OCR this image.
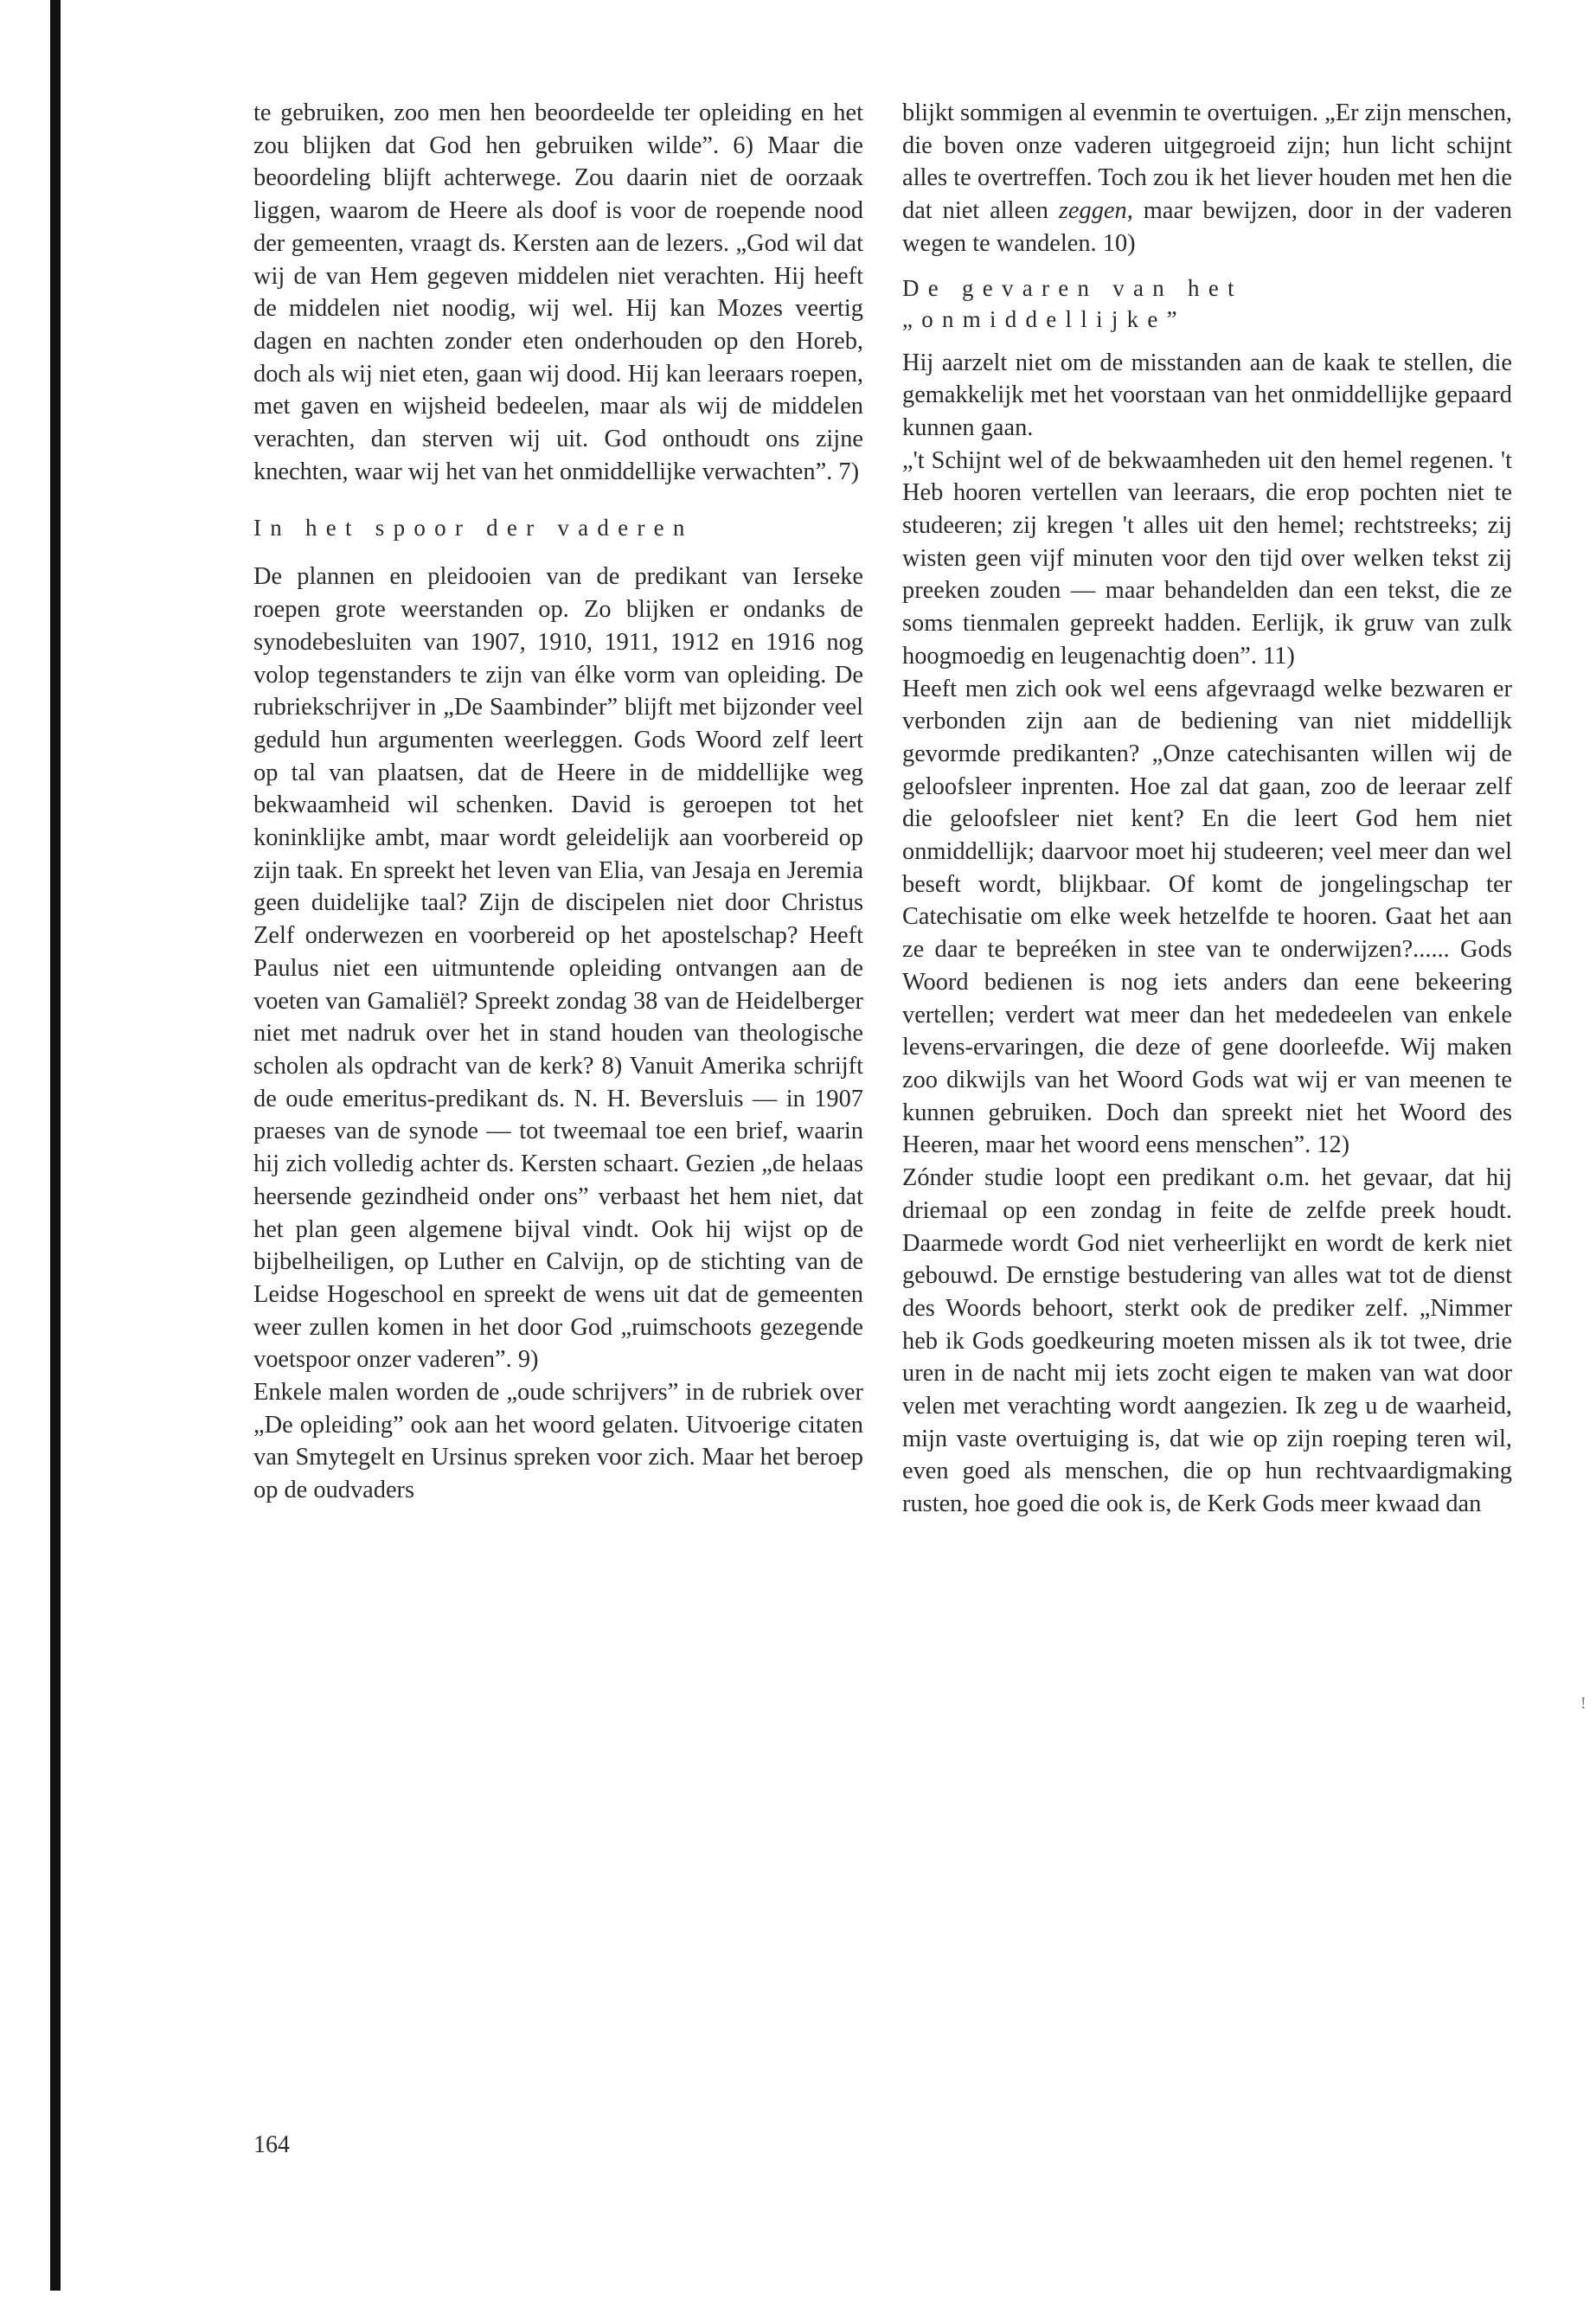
te gebruiken, zoo men hen beoordeelde ter opleiding en het zou blijken dat God hen gebruiken wilde”. 6) Maar die beoordeling blijft achterwege. Zou daarin niet de oorzaak liggen, waarom de Heere als doof is voor de roepende nood der gemeenten, vraagt ds. Kersten aan de lezers. „God wil dat wij de van Hem gegeven middelen niet verachten. Hij heeft de middelen niet noodig, wij wel. Hij kan Mozes veertig dagen en nachten zonder eten onderhouden op den Horeb, doch als wij niet eten, gaan wij dood. Hij kan leeraars roepen, met gaven en wijsheid bedeelen, maar als wij de middelen verachten, dan sterven wij uit. God onthoudt ons zijne knechten, waar wij het van het onmiddellijke verwachten”. 7)

In het spoor der vaderen

De plannen en pleidooien van de predikant van Ierseke roepen grote weerstanden op. Zo blijken er ondanks de synodebesluiten van 1907, 1910, 1911, 1912 en 1916 nog volop tegenstanders te zijn van élke vorm van opleiding. De rubriekschrijver in „De Saambinder” blijft met bijzonder veel geduld hun argumenten weerleggen. Gods Woord zelf leert op tal van plaatsen, dat de Heere in de middellijke weg bekwaamheid wil schenken. David is geroepen tot het koninklijke ambt, maar wordt geleidelijk aan voorbereid op zijn taak. En spreekt het leven van Elia, van Jesaja en Jeremia geen duidelijke taal? Zijn de discipelen niet door Christus Zelf onderwezen en voorbereid op het apostelschap? Heeft Paulus niet een uitmuntende opleiding ontvangen aan de voeten van Gamaliël? Spreekt zondag 38 van de Heidelberger niet met nadruk over het in stand houden van theologische scholen als opdracht van de kerk? 8) Vanuit Amerika schrijft de oude emeritus-predikant ds. N. H. Beversluis — in 1907 praeses van de synode — tot tweemaal toe een brief, waarin hij zich volledig achter ds. Kersten schaart. Gezien „de helaas heersende gezindheid onder ons” verbaast het hem niet, dat het plan geen algemene bijval vindt. Ook hij wijst op de bijbelheiligen, op Luther en Calvijn, op de stichting van de Leidse Hogeschool en spreekt de wens uit dat de gemeenten weer zullen komen in het door God „ruimschoots gezegende voetspoor onzer vaderen”. 9)

Enkele malen worden de „oude schrijvers” in de rubriek over „De opleiding” ook aan het woord gelaten. Uitvoerige citaten van Smytegelt en Ursinus spreken voor zich. Maar het beroep op de oudvaders

blijkt sommigen al evenmin te overtuigen. „Er zijn menschen, die boven onze vaderen uitgegroeid zijn; hun licht schijnt alles te overtreffen. Toch zou ik het liever houden met hen die dat niet alleen zeggen, maar bewijzen, door in der vaderen wegen te wandelen. 10)

De gevaren van het
„onmiddellijke”

Hij aarzelt niet om de misstanden aan de kaak te stellen, die gemakkelijk met het voorstaan van het onmiddellijke gepaard kunnen gaan.

„'t Schijnt wel of de bekwaamheden uit den hemel regenen. 't Heb hooren vertellen van leeraars, die erop pochten niet te studeeren; zij kregen 't alles uit den hemel; rechtstreeks; zij wisten geen vijf minuten voor den tijd over welken tekst zij preeken zouden — maar behandelden dan een tekst, die ze soms tienmalen gepreekt hadden. Eerlijk, ik gruw van zulk hoogmoedig en leugenachtig doen”. 11)

Heeft men zich ook wel eens afgevraagd welke bezwaren er verbonden zijn aan de bediening van niet middellijk gevormde predikanten? „Onze catechisanten willen wij de geloofsleer inprenten. Hoe zal dat gaan, zoo de leeraar zelf die geloofsleer niet kent? En die leert God hem niet onmiddellijk; daarvoor moet hij studeeren; veel meer dan wel beseft wordt, blijkbaar. Of komt de jongelingschap ter Catechisatie om elke week hetzelfde te hooren. Gaat het aan ze daar te bepreéken in stee van te onderwijzen?...... Gods Woord bedienen is nog iets anders dan eene bekeering vertellen; verdert wat meer dan het mededeelen van enkele levens-ervaringen, die deze of gene doorleefde. Wij maken zoo dikwijls van het Woord Gods wat wij er van meenen te kunnen gebruiken. Doch dan spreekt niet het Woord des Heeren, maar het woord eens menschen”. 12)

Zónder studie loopt een predikant o.m. het gevaar, dat hij driemaal op een zondag in feite de zelfde preek houdt. Daarmede wordt God niet verheerlijkt en wordt de kerk niet gebouwd. De ernstige bestudering van alles wat tot de dienst des Woords behoort, sterkt ook de prediker zelf. „Nimmer heb ik Gods goedkeuring moeten missen als ik tot twee, drie uren in de nacht mij iets zocht eigen te maken van wat door velen met verachting wordt aangezien. Ik zeg u de waarheid, mijn vaste overtuiging is, dat wie op zijn roeping teren wil, even goed als menschen, die op hun rechtvaardigmaking rusten, hoe goed die ook is, de Kerk Gods meer kwaad dan

164
!
